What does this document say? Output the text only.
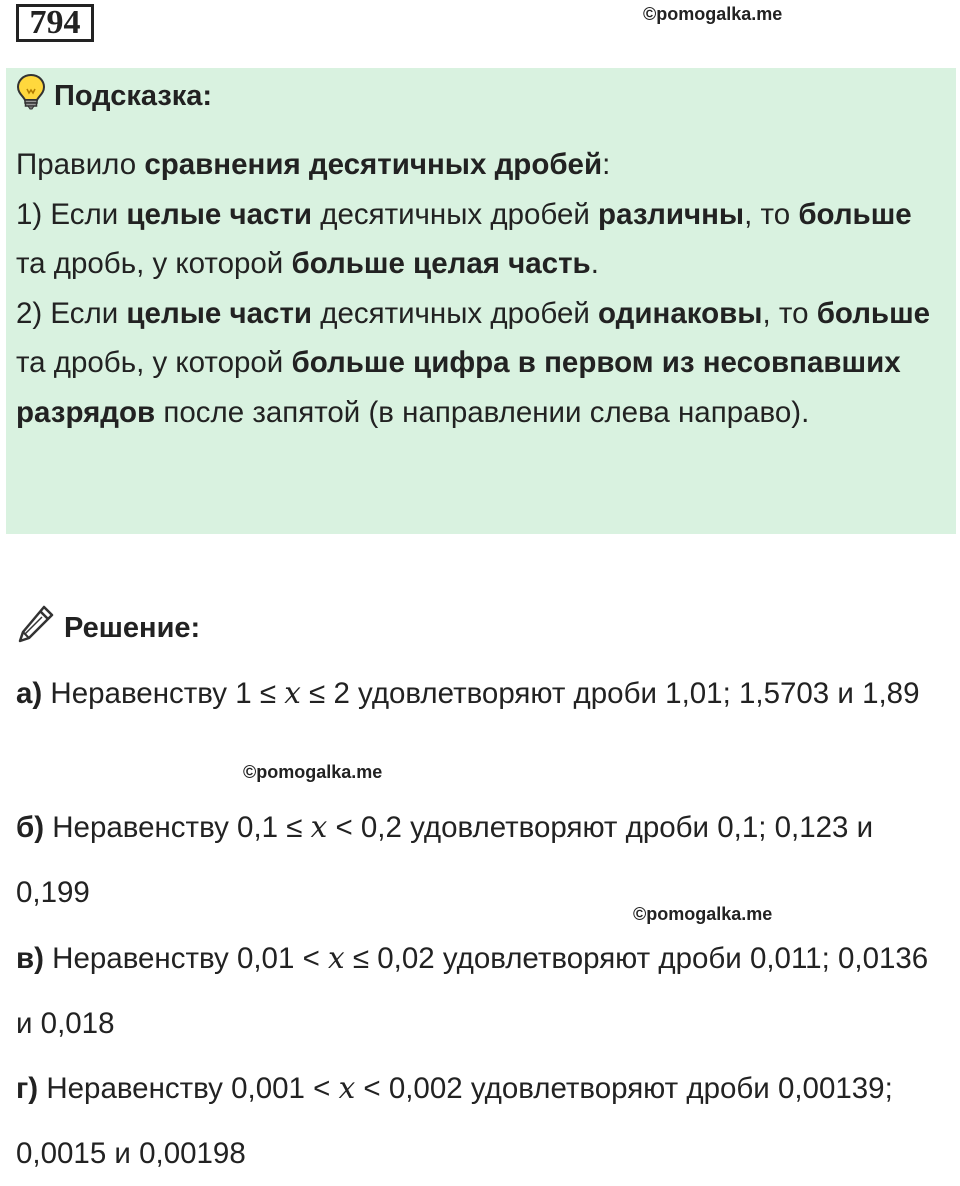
794	©pomogalka.me
Подсказка:

Правило сравнения десятичных дробей:

1) Если целые части десятичных дробей различны, то больше та дробь, у которой больше целая часть.

2) Если целые части десятичных дробей одинаковы, то больше та дробь, у которой больше цифра в первом из несовпавших разрядов после запятой (в направлении слева направо).

Решение:

а) Неравенству 1 ≤ x ≤ 2 удовлетворяют дроби 1,01; 1,5703 и 1,89

б) Неравенству 0,1 ≤ x < 0,2 удовлетворяют дроби 0,1; 0,123 и 0,199

в) Неравенству 0,01 < x ≤ 0,02 удовлетворяют дроби 0,011; 0,0136 и 0,018

г) Неравенству 0,001 < x < 0,002 удовлетворяют дроби 0,00139; 0,0015 и 0,00198

©pomogalka.me
©pomogalka.me
